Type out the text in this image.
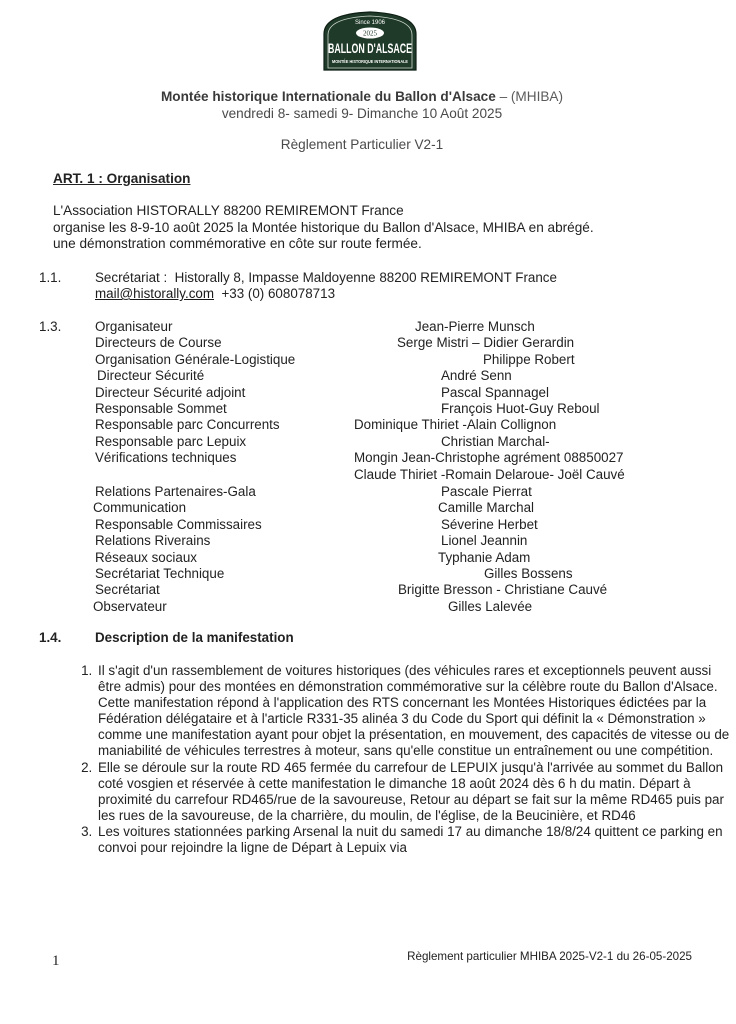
Since 1906
2025
BALLON D'ALSACE
MONTÉE HISTORIQUE INTERNATIONALE
Montée historique Internationale du Ballon d'Alsace – (MHIBA)
vendredi 8- samedi 9- Dimanche 10 Août 2025
Règlement Particulier V2-1
ART. 1 : Organisation
L'Association HISTORALLY 88200 REMIREMONT France
organise les 8-9-10 août 2025 la Montée historique du Ballon d'Alsace, MHIBA en abrégé.
une démonstration commémorative en côte sur route fermée.
1.1.	Secrétariat : Historally 8, Impasse Maldoyenne 88200 REMIREMONT France
mail@historally.com +33 (0) 608078713
1.3.	Organisateur	Jean-Pierre Munsch
Directeurs de Course	Serge Mistri – Didier Gerardin
Organisation Générale-Logistique	Philippe Robert
Directeur Sécurité	André Senn
Directeur Sécurité adjoint	Pascal Spannagel
Responsable Sommet	François Huot-Guy Reboul
Responsable parc Concurrents	Dominique Thiriet -Alain Collignon
Responsable parc Lepuix	Christian Marchal-
Vérifications techniques	Mongin Jean-Christophe agrément 08850027
Claude Thiriet -Romain Delaroue- Joël Cauvé
Relations Partenaires-Gala	Pascale Pierrat
Communication	Camille Marchal
Responsable Commissaires	Séverine Herbet
Relations Riverains	Lionel Jeannin
Réseaux sociaux	Typhanie Adam
Secrétariat Technique	Gilles Bossens
Secrétariat	Brigitte Bresson - Christiane Cauvé
Observateur	Gilles Lalevée
1.4.	Description de la manifestation
1. Il s'agit d'un rassemblement de voitures historiques (des véhicules rares et exceptionnels peuvent aussi être admis) pour des montées en démonstration commémorative sur la célèbre route du Ballon d'Alsace. Cette manifestation répond à l'application des RTS concernant les Montées Historiques édictées par la Fédération délégataire et à l'article R331-35 alinéa 3 du Code du Sport qui définit la « Démonstration » comme une manifestation ayant pour objet la présentation, en mouvement, des capacités de vitesse ou de maniabilité de véhicules terrestres à moteur, sans qu'elle constitue un entraînement ou une compétition.
2. Elle se déroule sur la route RD 465 fermée du carrefour de LEPUIX jusqu'à l'arrivée au sommet du Ballon coté vosgien et réservée à cette manifestation le dimanche 18 août 2024 dès 6 h du matin. Départ à proximité du carrefour RD465/rue de la savoureuse, Retour au départ se fait sur la même RD465 puis par les rues de la savoureuse, de la charrière, du moulin, de l'église, de la Beucinière, et RD46
3. Les voitures stationnées parking Arsenal la nuit du samedi 17 au dimanche 18/8/24 quittent ce parking en convoi pour rejoindre la ligne de Départ à Lepuix via
1	Règlement particulier MHIBA 2025-V2-1 du 26-05-2025
